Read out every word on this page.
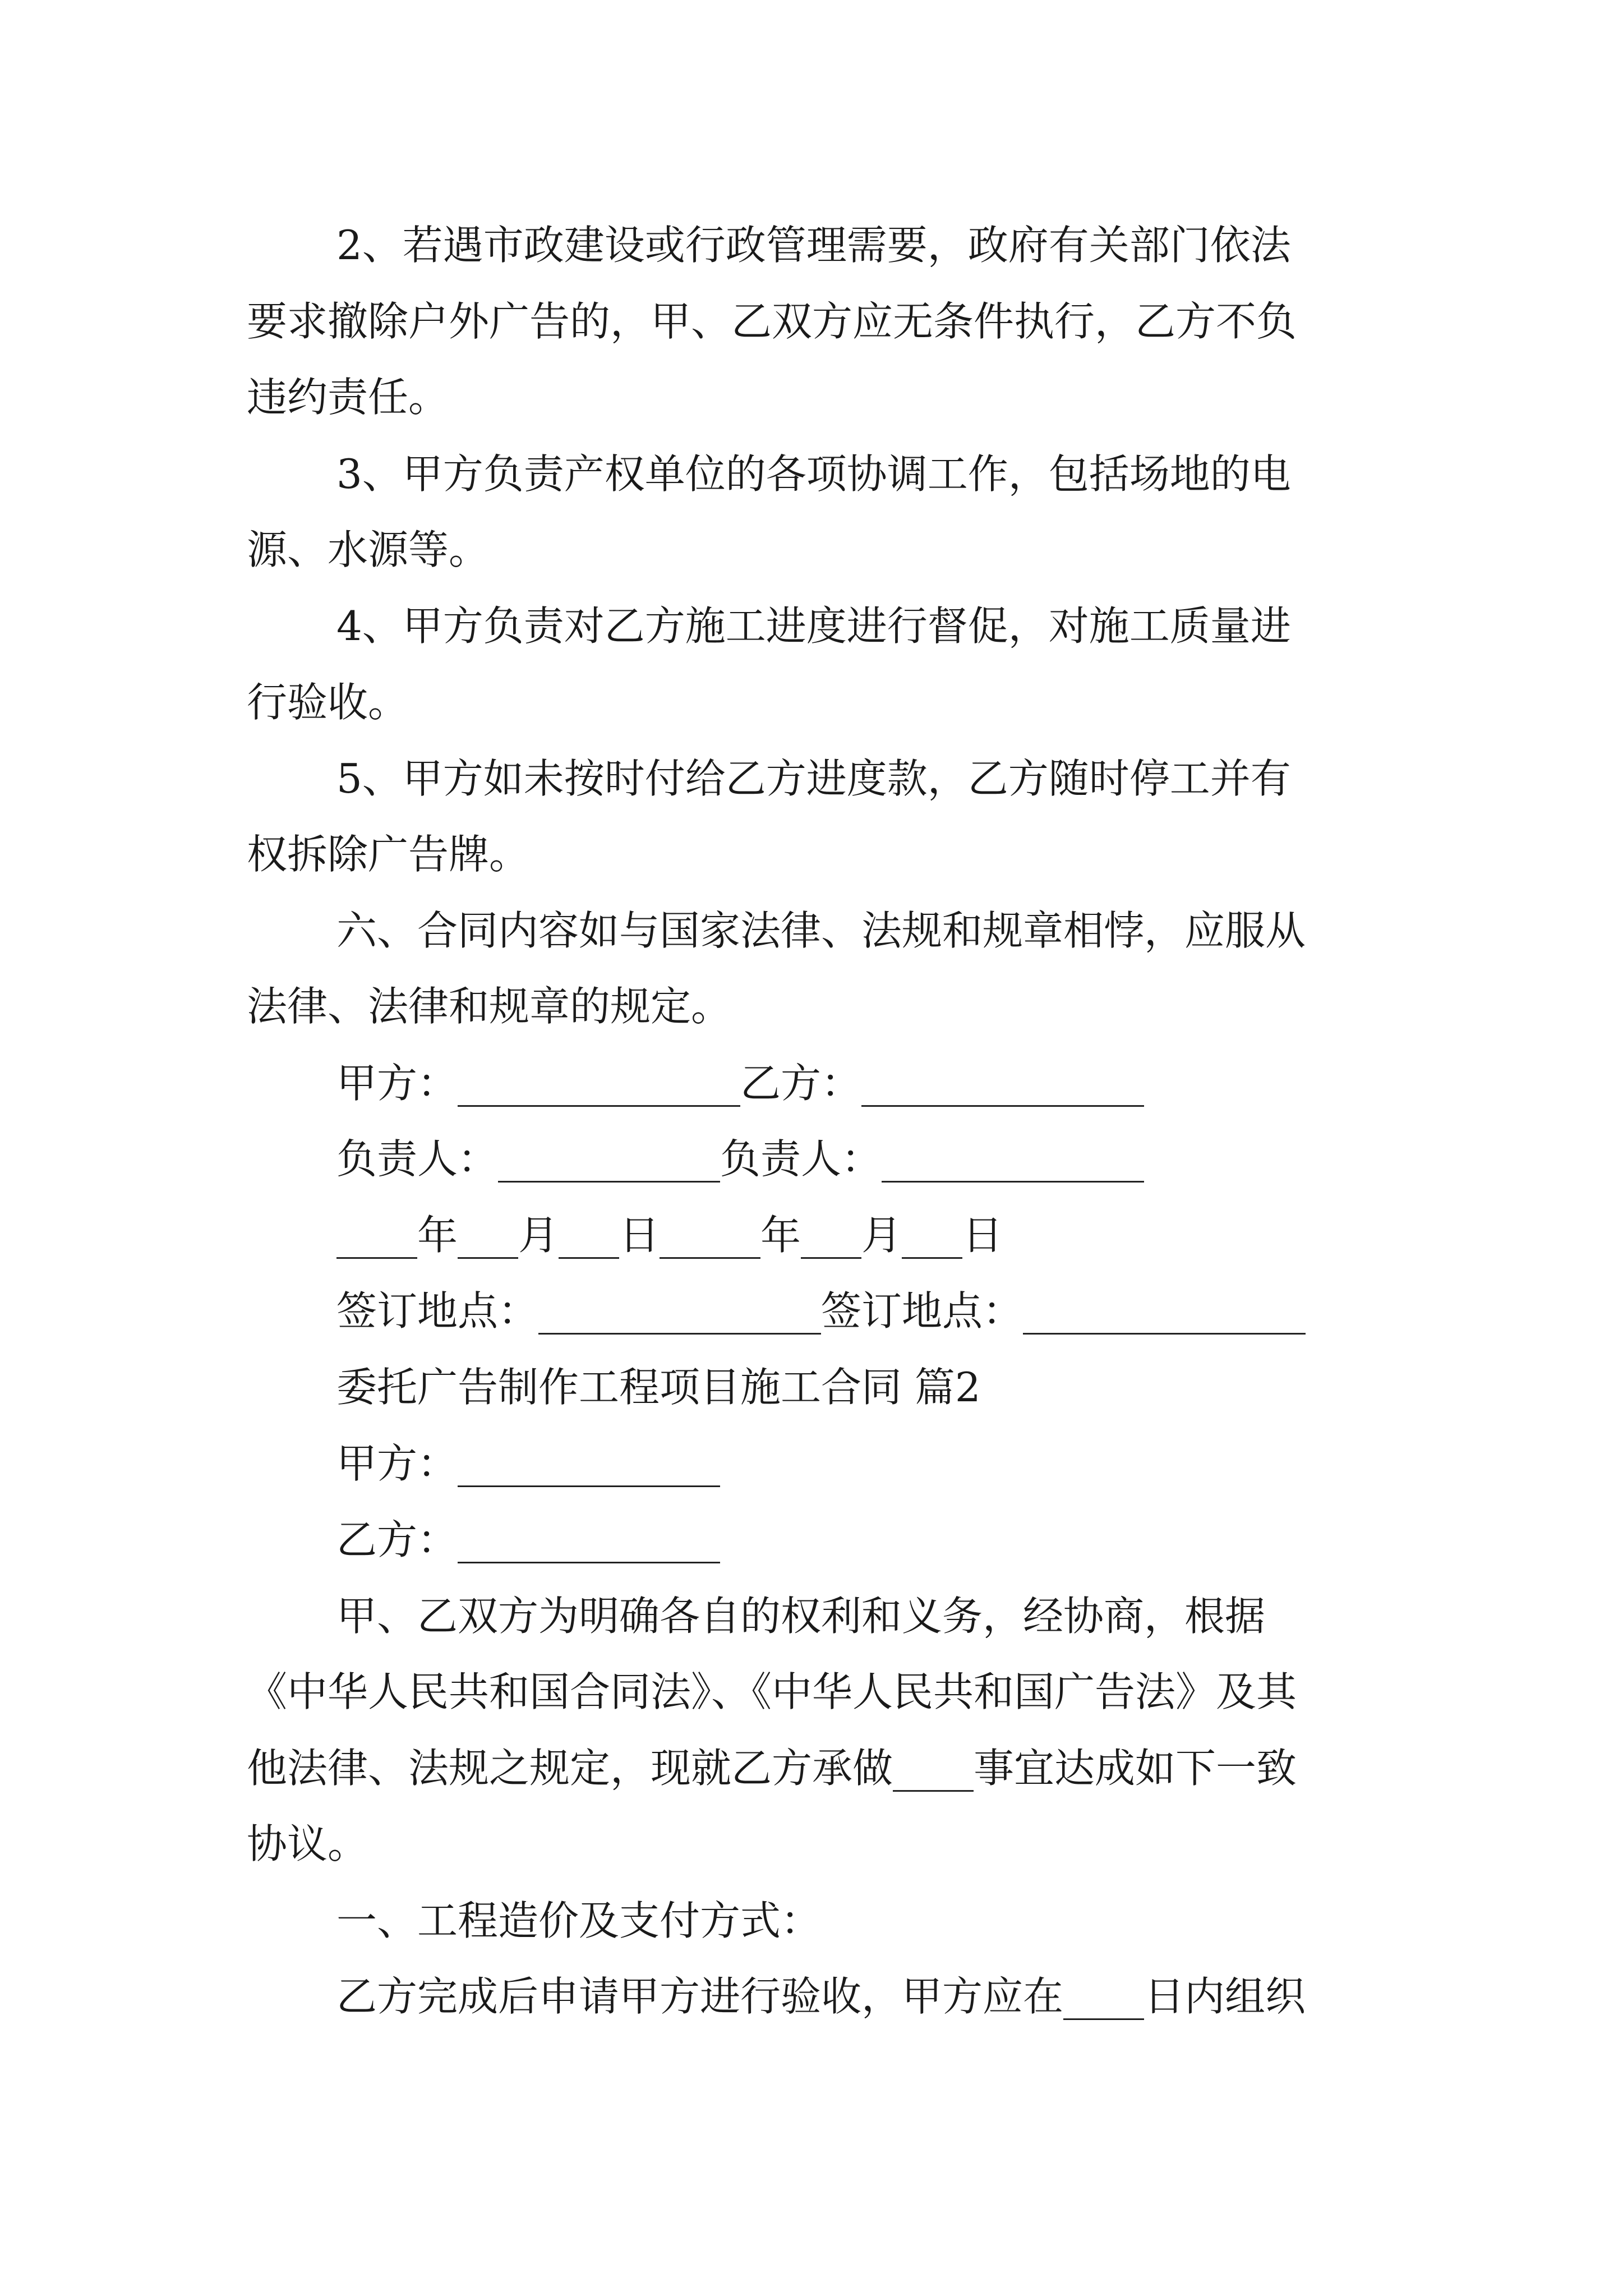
2、若遇市政建设或行政管理需要，政府有关部门依法
要求撤除户外广告的，甲、乙双方应无条件执行，乙方不负
违约责任。
3、甲方负责产权单位的各项协调工作，包括场地的电
源、水源等。
4、甲方负责对乙方施工进度进行督促，对施工质量进
行验收。
5、甲方如未按时付给乙方进度款，乙方随时停工并有
权拆除广告牌。
六、合同内容如与国家法律、法规和规章相悖，应服从
法律、法律和规章的规定。
甲方：______________乙方：______________
负责人：___________负责人：_____________
____年___月___日_____年___月___日
签订地点：______________签订地点：______________
委托广告制作工程项目施工合同 篇2
甲方：_____________
乙方：_____________
甲、乙双方为明确各自的权利和义务，经协商，根据
《中华人民共和国合同法》、《中华人民共和国广告法》及其
他法律、法规之规定，现就乙方承做____事宜达成如下一致
协议。
一、工程造价及支付方式：
乙方完成后申请甲方进行验收，甲方应在____日内组织
